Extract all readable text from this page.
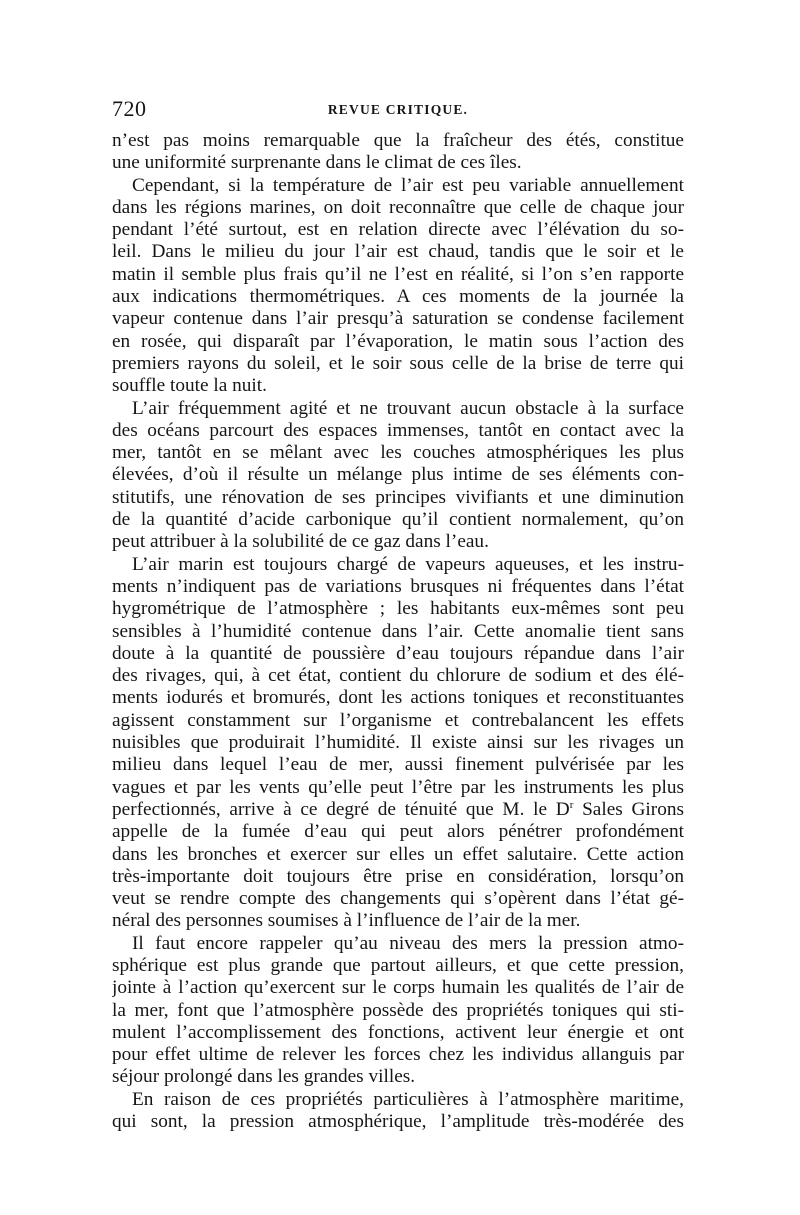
720	REVUE CRITIQUE.
n’est pas moins remarquable que la fraîcheur des étés, constitue
une uniformité surprenante dans le climat de ces îles.
Cependant, si la température de l’air est peu variable annuellement
dans les régions marines, on doit reconnaître que celle de chaque jour
pendant l’été surtout, est en relation directe avec l’élévation du so-
leil. Dans le milieu du jour l’air est chaud, tandis que le soir et le
matin il semble plus frais qu’il ne l’est en réalité, si l’on s’en rapporte
aux indications thermométriques. A ces moments de la journée la
vapeur contenue dans l’air presqu’à saturation se condense facilement
en rosée, qui disparaît par l’évaporation, le matin sous l’action des
premiers rayons du soleil, et le soir sous celle de la brise de terre qui
souffle toute la nuit.
L’air fréquemment agité et ne trouvant aucun obstacle à la surface
des océans parcourt des espaces immenses, tantôt en contact avec la
mer, tantôt en se mêlant avec les couches atmosphériques les plus
élevées, d’où il résulte un mélange plus intime de ses éléments con-
stitutifs, une rénovation de ses principes vivifiants et une diminution
de la quantité d’acide carbonique qu’il contient normalement, qu’on
peut attribuer à la solubilité de ce gaz dans l’eau.
L’air marin est toujours chargé de vapeurs aqueuses, et les instru-
ments n’indiquent pas de variations brusques ni fréquentes dans l’état
hygrométrique de l’atmosphère ; les habitants eux-mêmes sont peu
sensibles à l’humidité contenue dans l’air. Cette anomalie tient sans
doute à la quantité de poussière d’eau toujours répandue dans l’air
des rivages, qui, à cet état, contient du chlorure de sodium et des élé-
ments iodurés et bromurés, dont les actions toniques et reconstituantes
agissent constamment sur l’organisme et contrebalancent les effets
nuisibles que produirait l’humidité. Il existe ainsi sur les rivages un
milieu dans lequel l’eau de mer, aussi finement pulvérisée par les
vagues et par les vents qu’elle peut l’être par les instruments les plus
perfectionnés, arrive à ce degré de ténuité que M. le $D^r$ Sales Girons
appelle de la fumée d’eau qui peut alors pénétrer profondément
dans les bronches et exercer sur elles un effet salutaire. Cette action
très-importante doit toujours être prise en considération, lorsqu’on
veut se rendre compte des changements qui s’opèrent dans l’état gé-
néral des personnes soumises à l’influence de l’air de la mer.
Il faut encore rappeler qu’au niveau des mers la pression atmo-
sphérique est plus grande que partout ailleurs, et que cette pression,
jointe à l’action qu’exercent sur le corps humain les qualités de l’air de
la mer, font que l’atmosphère possède des propriétés toniques qui sti-
mulent l’accomplissement des fonctions, activent leur énergie et ont
pour effet ultime de relever les forces chez les individus allanguis par
séjour prolongé dans les grandes villes.
En raison de ces propriétés particulières à l’atmosphère maritime,
qui sont, la pression atmosphérique, l’amplitude très-modérée des
